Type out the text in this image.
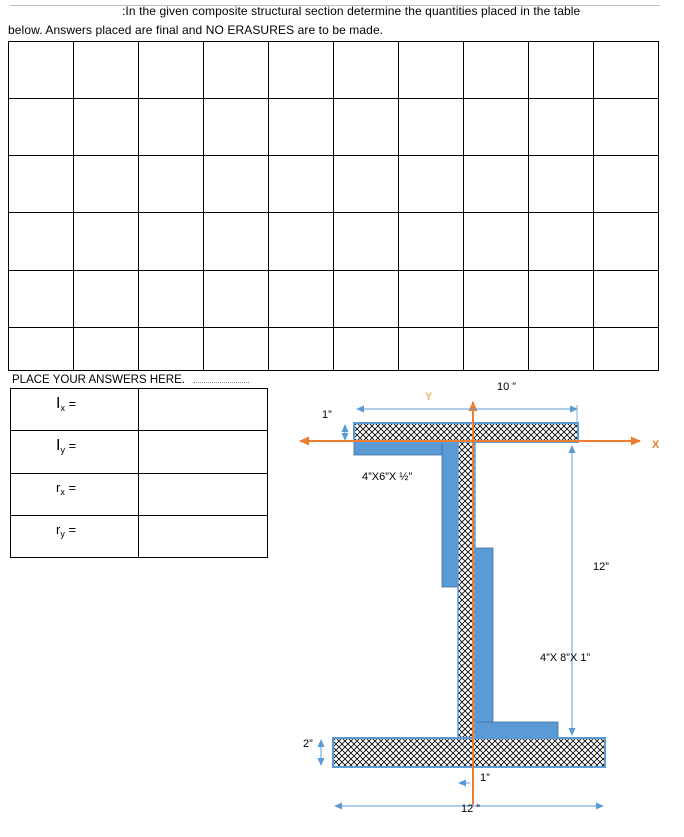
:In the given composite structural section determine the quantities placed in the table
below. Answers placed are final and NO ERASURES are to be made.

PLACE YOUR ANSWERS HERE.
$I_x$ =	
$I_y$ =	
$r_x$ =	
$r_y$ =	
Y
X
10 ”
1”
4”X6”X ½”
12”
4”X 8”X 1”
2”
1”
12 ”
